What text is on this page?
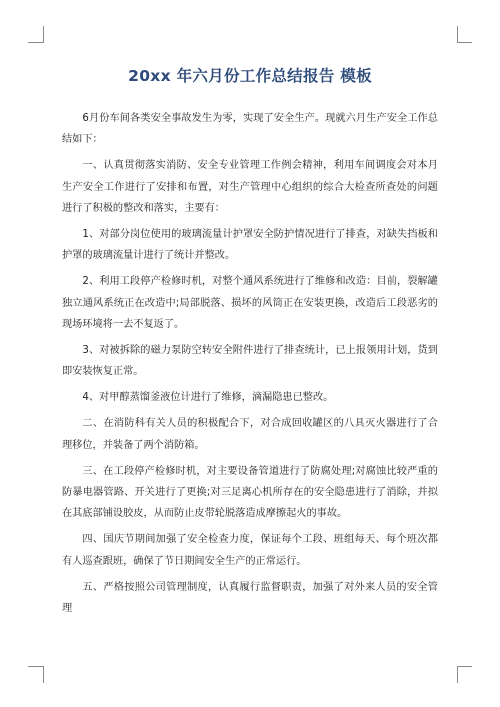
20xx 年六月份工作总结报告 模板

6月份车间各类安全事故发生为零，实现了安全生产。现就六月生产安全工作总结如下：

一、认真贯彻落实消防、安全专业管理工作例会精神，利用车间调度会对本月生产安全工作进行了安排和布置，对生产管理中心组织的综合大检查所查处的问题进行了积极的整改和落实，主要有：

1、对部分岗位使用的玻璃流量计护罩安全防护情况进行了排查，对缺失挡板和护罩的玻璃流量计进行了统计并整改。

2、利用工段停产检修时机，对整个通风系统进行了维修和改造：目前，裂解罐独立通风系统正在改造中;局部脱落、损坏的风筒正在安装更换，改造后工段恶劣的现场环境将一去不复返了。

3、对被拆除的磁力泵防空转安全附件进行了排查统计，已上报领用计划，货到即安装恢复正常。

4、对甲醇蒸馏釜液位计进行了维修，滴漏隐患已整改。

二、在消防科有关人员的积极配合下，对合成回收罐区的八具灭火器进行了合理移位，并装备了两个消防箱。

三、在工段停产检修时机，对主要设备管道进行了防腐处理;对腐蚀比较严重的防暴电器管路、开关进行了更换;对三足离心机所存在的安全隐患进行了消除，并拟在其底部铺设胶皮，从而防止皮带轮脱落造成摩擦起火的事故。

四、国庆节期间加强了安全检查力度，保证每个工段、班组每天、每个班次都有人巡查跟班，确保了节日期间安全生产的正常运行。

五、严格按照公司管理制度，认真履行监督职责，加强了对外来人员的安全管理
